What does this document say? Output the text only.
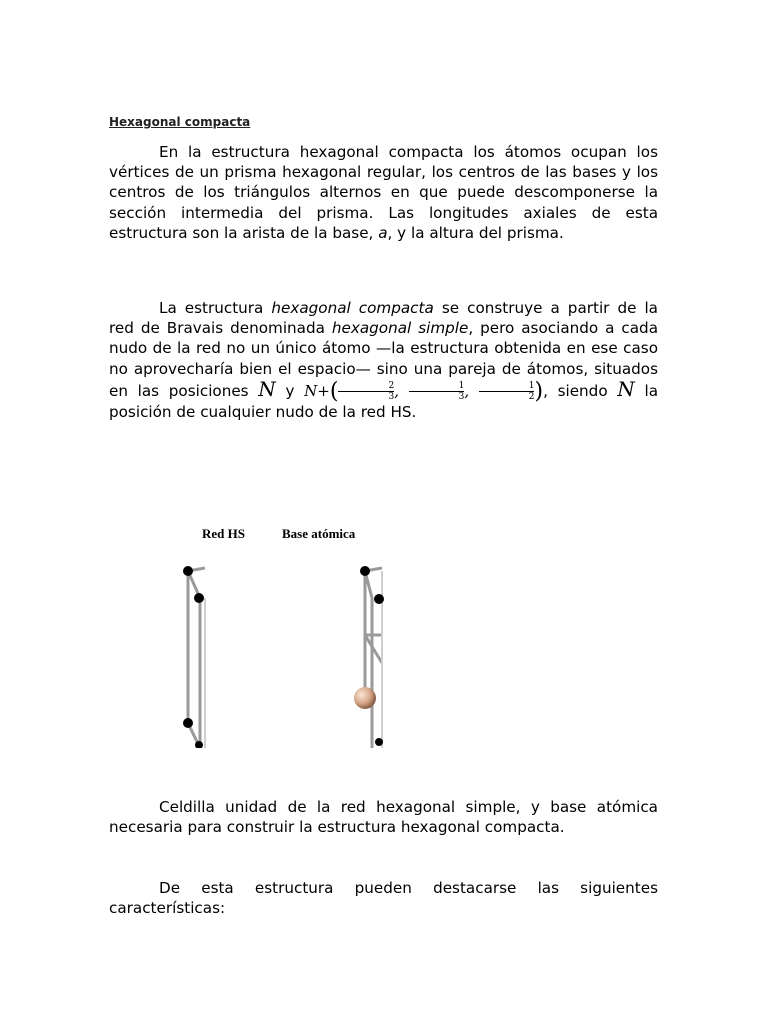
Hexagonal compacta

En la estructura hexagonal compacta los átomos ocupan los vértices de un prisma hexagonal regular, los centros de las bases y los centros de los triángulos alternos en que puede descomponerse la sección intermedia del prisma. Las longitudes axiales de esta estructura son la arista de la base, a, y la altura del prisma.

La estructura hexagonal compacta se construye a partir de la red de Bravais denominada hexagonal simple, pero asociando a cada nudo de la red no un único átomo —la estructura obtenida en ese caso no aprovecharía bien el espacio— sino una pareja de átomos, situados en las posiciones N y $N+( \frac{2}{3}$ , $\frac{1}{3}$ , $\frac{1}{2}$ ), siendo N la posición de cualquier nudo de la red HS.

Red HS	Base atómica

Celdilla unidad de la red hexagonal simple, y base atómica necesaria para construir la estructura hexagonal compacta.

De esta estructura pueden destacarse las siguientes características:
